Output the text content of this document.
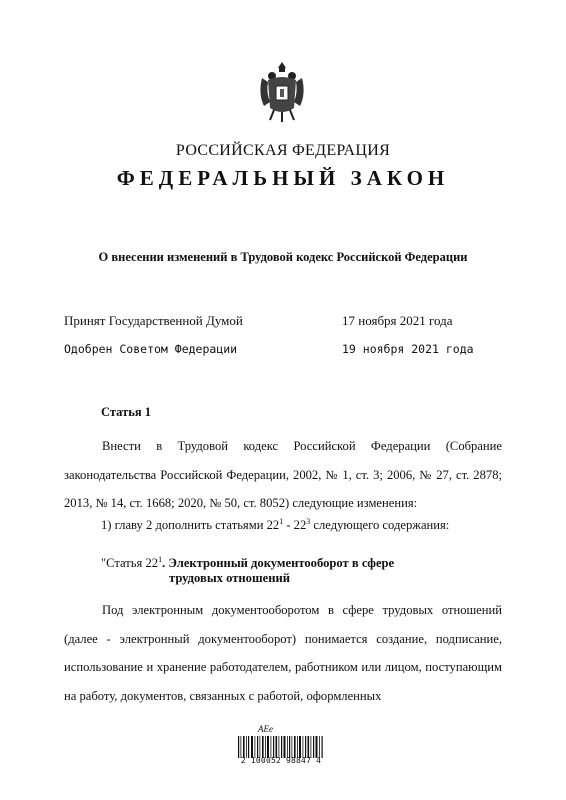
РОССИЙСКАЯ ФЕДЕРАЦИЯ
ФЕДЕРАЛЬНЫЙ ЗАКОН
О внесении изменений в Трудовой кодекс Российской Федерации
Принят Государственной Думой	17 ноября 2021 года
Одобрен Советом Федерации	19 ноября 2021 года
Статья 1
Внести в Трудовой кодекс Российской Федерации (Собрание законодательства Российской Федерации, 2002, № 1, ст. 3; 2006, № 27, ст. 2878; 2013, № 14, ст. 1668; 2020, № 50, ст. 8052) следующие изменения:
1) главу 2 дополнить статьями $22^1 - 22^3$ следующего содержания:
"Статья $22^1$. Электронный документооборот в сфере
трудовых отношений
Под электронным документооборотом в сфере трудовых отношений (далее - электронный документооборот) понимается создание, подписание, использование и хранение работодателем, работником или лицом, поступающим на работу, документов, связанных с работой, оформленных
AЕе
2 100052 98847 4
